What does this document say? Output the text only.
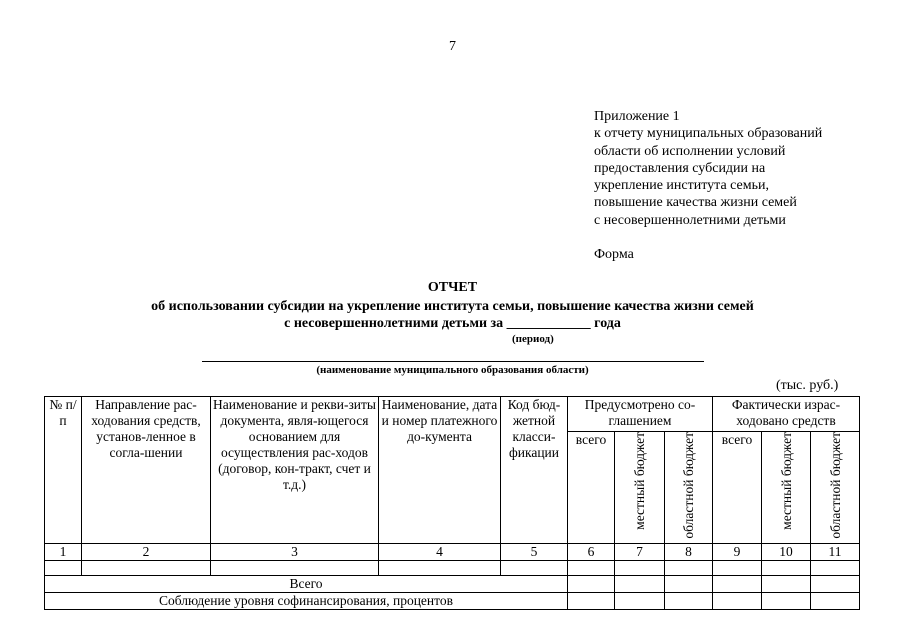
7
Приложение 1
к отчету муниципальных образований
области об исполнении условий
предоставления субсидии на
укрепление института семьи,
повышение качества жизни семей
с несовершеннолетними детьми
Форма
ОТЧЕТ
об использовании субсидии на укрепление института семьи, повышение качества жизни семей
с несовершеннолетними детьми за ____________ года
(период)
(наименование муниципального образования области)
(тыс. руб.)
№ п/п	Направление рас-ходования средств, установ-ленное в согла-шении	Наименование и рекви-зиты документа, явля-ющегося основанием для осуществления рас-ходов (договор, кон-тракт, счет и т.д.)	Наименование, дата и номер платежного до-кумента	Код бюд-жетной класси-фикации	Предусмотрено со-глашением			Фактически израс-ходовано средств		
					всего	местный бюджет	областной бюджет	всего	местный бюджет	областной бюджет
1	2	3	4	5	6	7	8	9	10	11

Всего										
Соблюдение уровня софинансирования, процентов										
